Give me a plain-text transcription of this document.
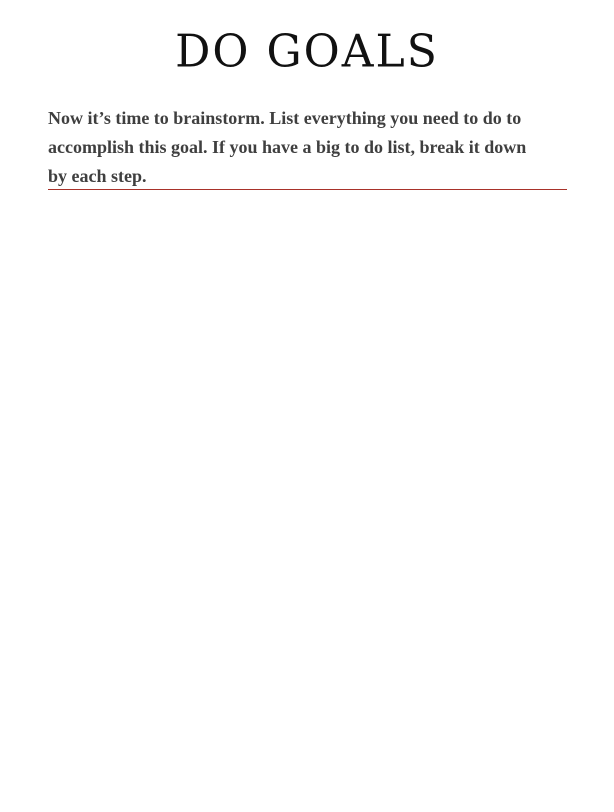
DO GOALS

Now it’s time to brainstorm. List everything you need to do to accomplish this goal. If you have a big to do list, break it down by each step.
